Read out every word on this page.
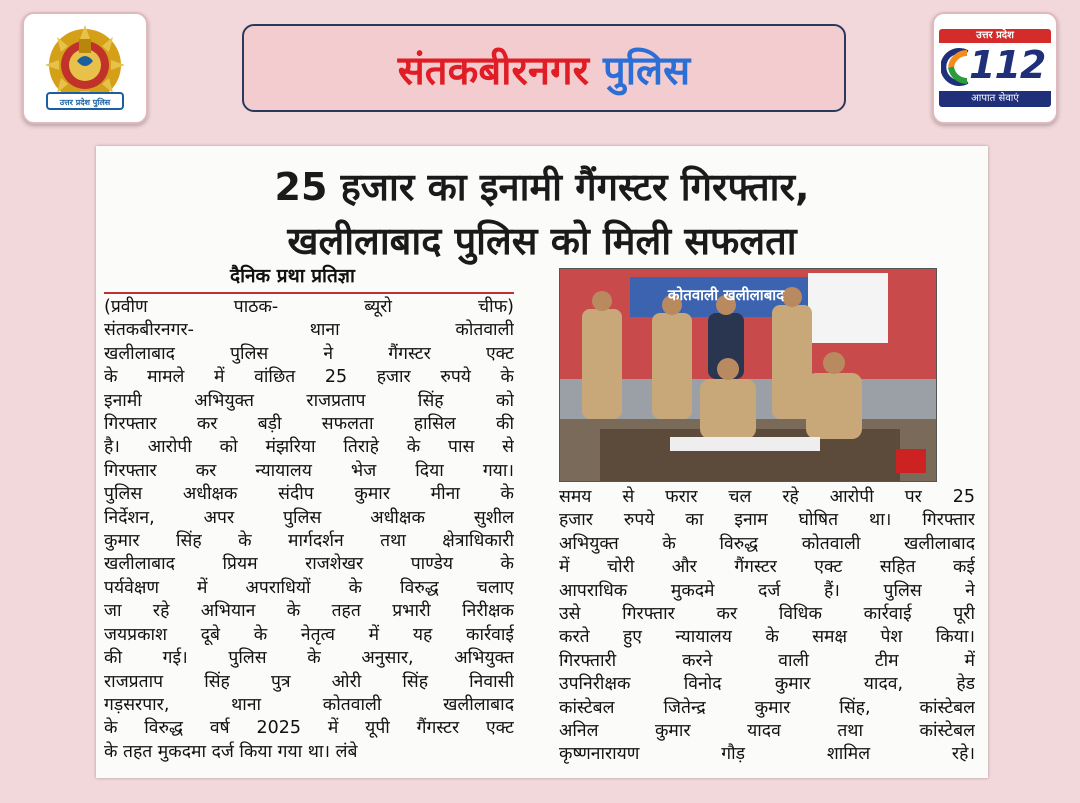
उत्तर प्रदेश पुलिस
संतकबीरनगर पुलिस
उत्तर प्रदेश
112
आपात सेवाएं
25 हजार का इनामी गैंगस्टर गिरफ्तार,
खलीलाबाद पुलिस को मिली सफलता
दैनिक प्रथा प्रतिज्ञा
(प्रवीण पाठक- ब्यूरो चीफ)
संतकबीरनगर- थाना कोतवाली
खलीलाबाद पुलिस ने गैंगस्टर एक्ट
के मामले में वांछित 25 हजार रुपये के
इनामी अभियुक्त राजप्रताप सिंह को
गिरफ्तार कर बड़ी सफलता हासिल की
है। आरोपी को मंझरिया तिराहे के पास से
गिरफ्तार कर न्यायालय भेज दिया गया।
पुलिस अधीक्षक संदीप कुमार मीना के
निर्देशन, अपर पुलिस अधीक्षक सुशील
कुमार सिंह के मार्गदर्शन तथा क्षेत्राधिकारी
खलीलाबाद प्रियम राजशेखर पाण्डेय के
पर्यवेक्षण में अपराधियों के विरुद्ध चलाए
जा रहे अभियान के तहत प्रभारी निरीक्षक
जयप्रकाश दूबे के नेतृत्व में यह कार्रवाई
की गई। पुलिस के अनुसार, अभियुक्त
राजप्रताप सिंह पुत्र ओरी सिंह निवासी
गड़सरपार, थाना कोतवाली खलीलाबाद
के विरुद्ध वर्ष 2025 में यूपी गैंगस्टर एक्ट
के तहत मुकदमा दर्ज किया गया था। लंबे
कोतवाली खलीलाबाद
समय से फरार चल रहे आरोपी पर 25
हजार रुपये का इनाम घोषित था। गिरफ्तार
अभियुक्त के विरुद्ध कोतवाली खलीलाबाद
में चोरी और गैंगस्टर एक्ट सहित कई
आपराधिक मुकदमे दर्ज हैं। पुलिस ने
उसे गिरफ्तार कर विधिक कार्रवाई पूरी
करते हुए न्यायालय के समक्ष पेश किया।
गिरफ्तारी करने वाली टीम में
उपनिरीक्षक विनोद कुमार यादव, हेड
कांस्टेबल जितेन्द्र कुमार सिंह, कांस्टेबल
अनिल कुमार यादव तथा कांस्टेबल
कृष्णनारायण गौड़ शामिल रहे।
